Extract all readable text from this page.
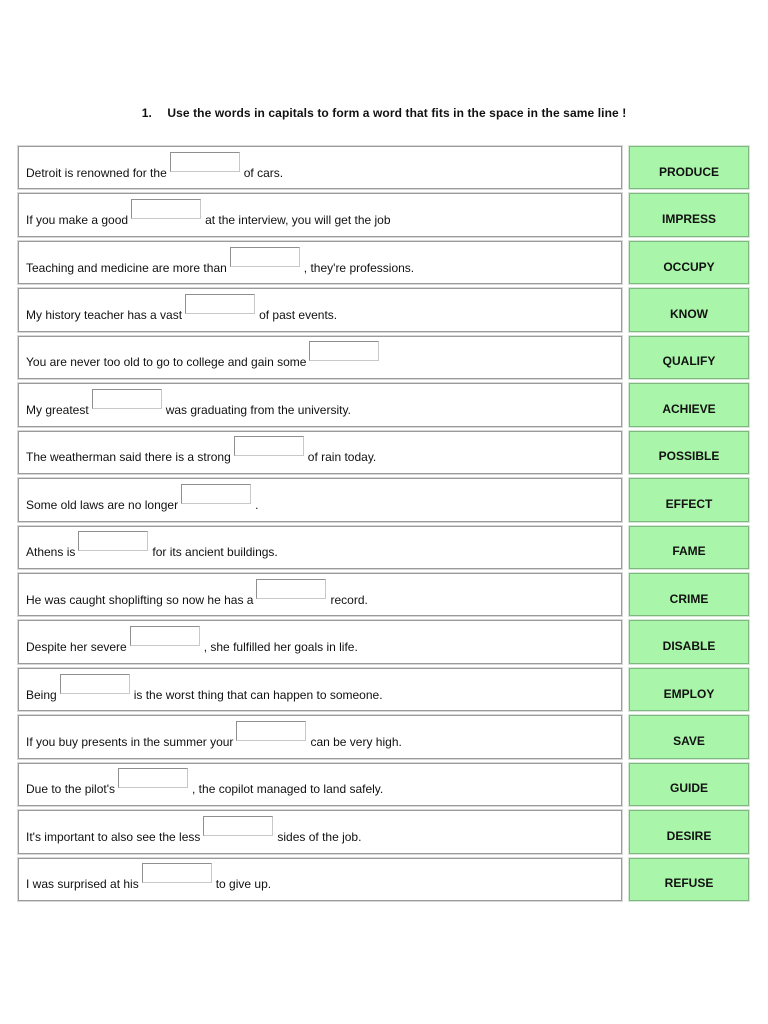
1. Use the words in capitals to form a word that fits in the space in the same line !
Detroit is renowned for the	of cars.	PRODUCE
If you make a good	at the interview, you will get the job	IMPRESS
Teaching and medicine are more than	, they're professions.	OCCUPY
My history teacher has a vast	of past events.	KNOW
You are never too old to go to college and gain some	QUALIFY
My greatest	was graduating from the university.	ACHIEVE
The weatherman said there is a strong	of rain today.	POSSIBLE
Some old laws are no longer	.	EFFECT
Athens is	for its ancient buildings.	FAME
He was caught shoplifting so now he has a	record.	CRIME
Despite her severe	, she fulfilled her goals in life.	DISABLE
Being	is the worst thing that can happen to someone.	EMPLOY
If you buy presents in the summer your	can be very high.	SAVE
Due to the pilot's	, the copilot managed to land safely.	GUIDE
It's important to also see the less	sides of the job.	DESIRE
I was surprised at his	to give up.	REFUSE
